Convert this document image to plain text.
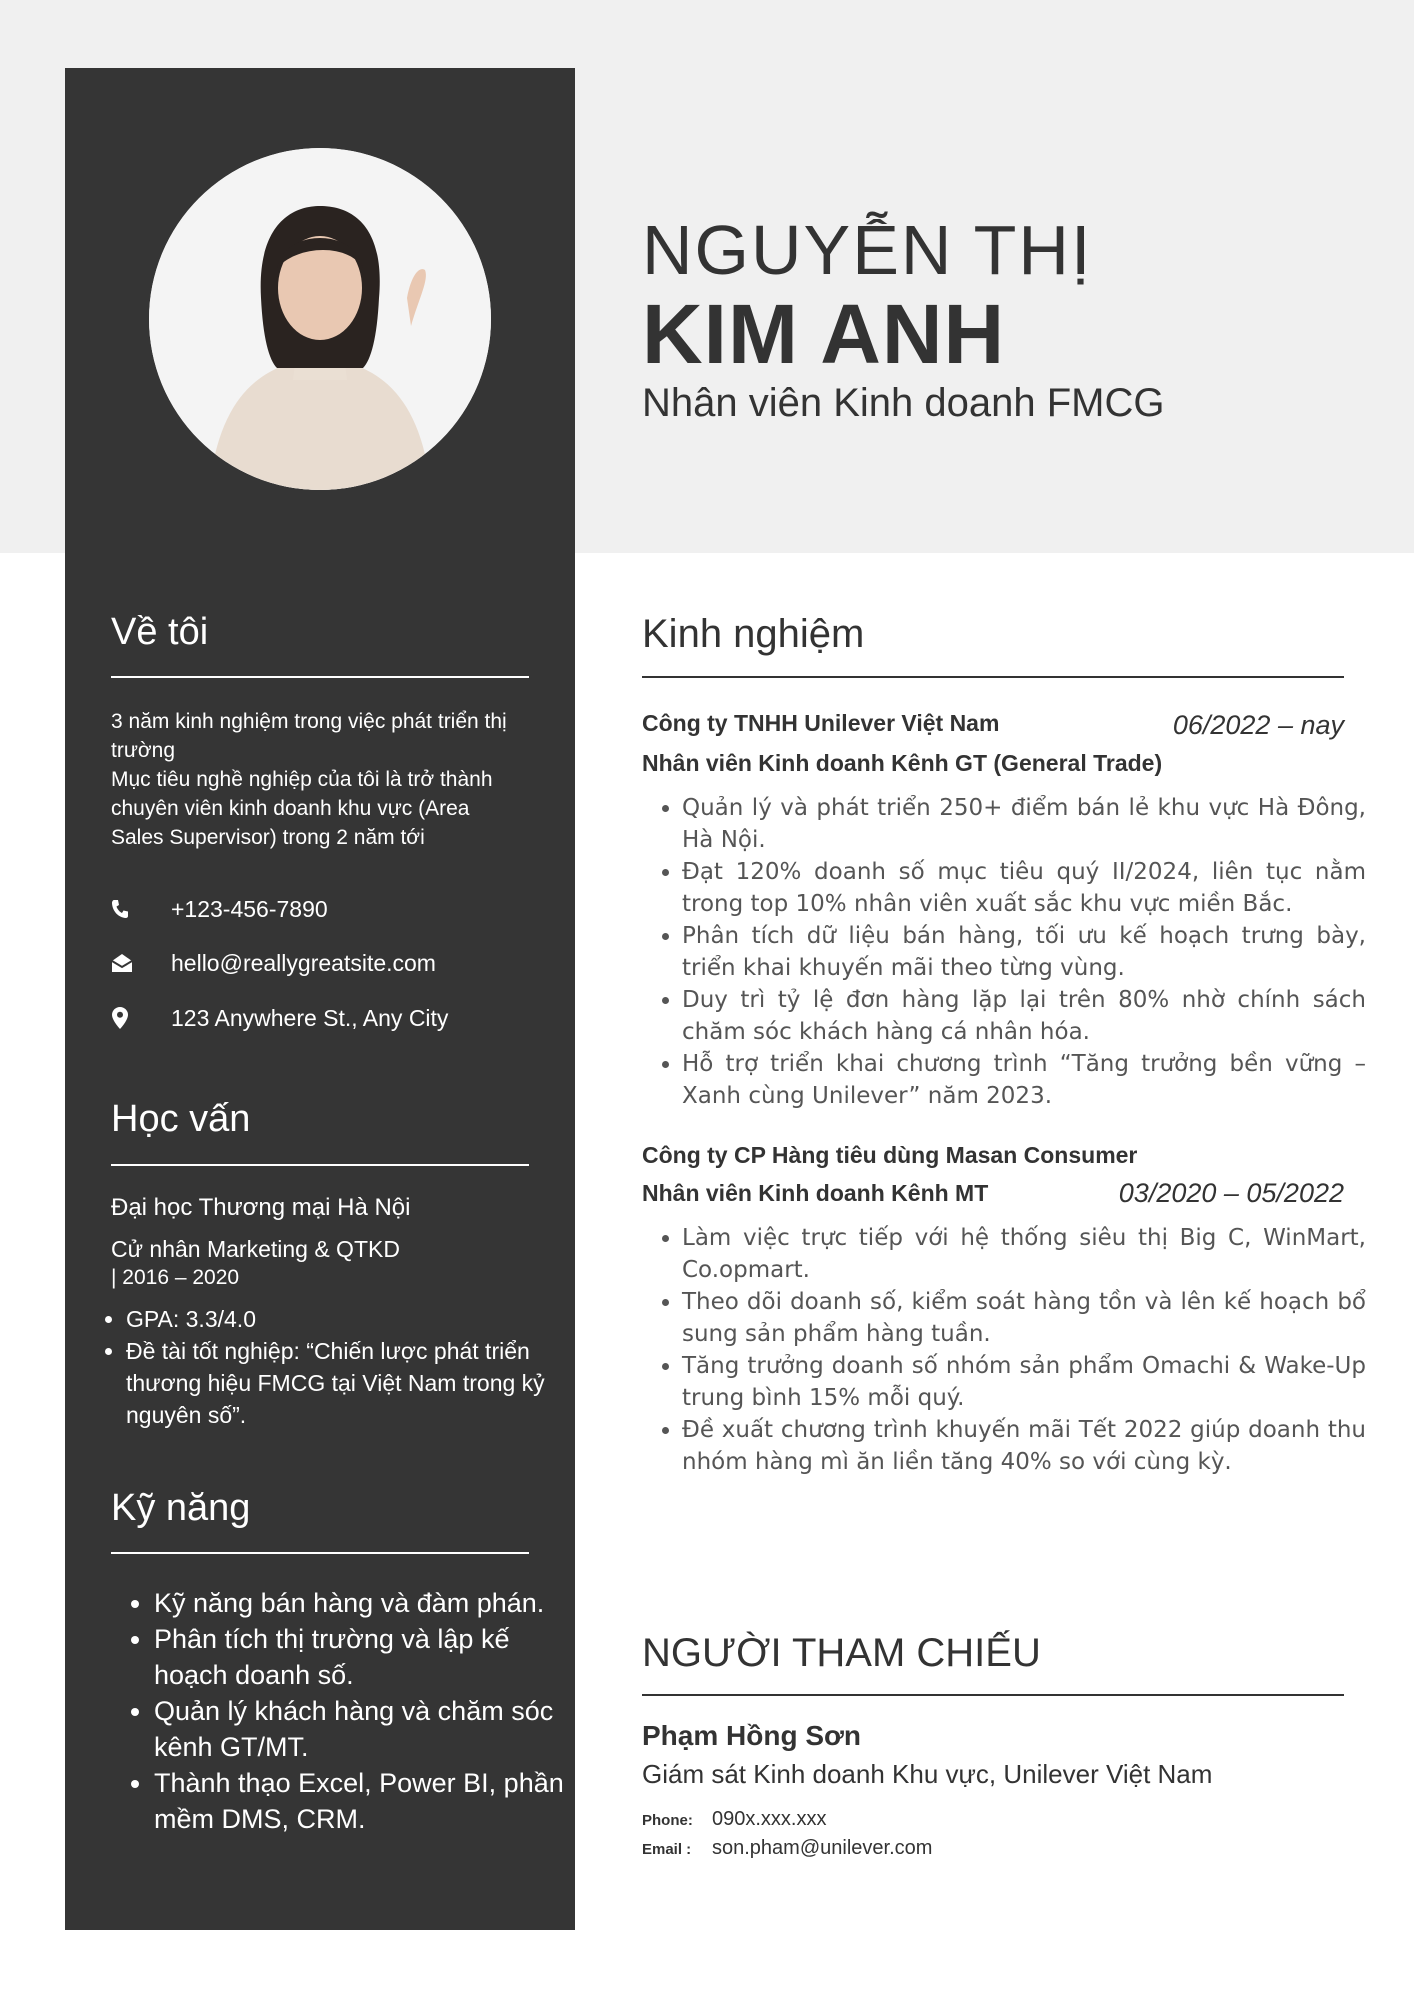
NGUYỄN THỊ
KIM ANH
Nhân viên Kinh doanh FMCG
Về tôi
3 năm kinh nghiệm trong việc phát triển thị trường
Mục tiêu nghề nghiệp của tôi là trở thành chuyên viên kinh doanh khu vực (Area Sales Supervisor) trong 2 năm tới
+123-456-7890
hello@reallygreatsite.com
123 Anywhere St., Any City
Học vấn
Đại học Thương mại Hà Nội
Cử nhân Marketing & QTKD
| 2016 – 2020
• GPA: 3.3/4.0
• Đề tài tốt nghiệp: “Chiến lược phát triển thương hiệu FMCG tại Việt Nam trong kỷ nguyên số”.
Kỹ năng
• Kỹ năng bán hàng và đàm phán.
• Phân tích thị trường và lập kế hoạch doanh số.
• Quản lý khách hàng và chăm sóc kênh GT/MT.
• Thành thạo Excel, Power BI, phần mềm DMS, CRM.
Kinh nghiệm
Công ty TNHH Unilever Việt Nam	06/2022 – nay
Nhân viên Kinh doanh Kênh GT (General Trade)
• Quản lý và phát triển 250+ điểm bán lẻ khu vực Hà Đông, Hà Nội.
• Đạt 120% doanh số mục tiêu quý II/2024, liên tục nằm trong top 10% nhân viên xuất sắc khu vực miền Bắc.
• Phân tích dữ liệu bán hàng, tối ưu kế hoạch trưng bày, triển khai khuyến mãi theo từng vùng.
• Duy trì tỷ lệ đơn hàng lặp lại trên 80% nhờ chính sách chăm sóc khách hàng cá nhân hóa.
• Hỗ trợ triển khai chương trình “Tăng trưởng bền vững – Xanh cùng Unilever” năm 2023.
Công ty CP Hàng tiêu dùng Masan Consumer
Nhân viên Kinh doanh Kênh MT	03/2020 – 05/2022
• Làm việc trực tiếp với hệ thống siêu thị Big C, WinMart, Co.opmart.
• Theo dõi doanh số, kiểm soát hàng tồn và lên kế hoạch bổ sung sản phẩm hàng tuần.
• Tăng trưởng doanh số nhóm sản phẩm Omachi & Wake-Up trung bình 15% mỗi quý.
• Đề xuất chương trình khuyến mãi Tết 2022 giúp doanh thu nhóm hàng mì ăn liền tăng 40% so với cùng kỳ.
NGƯỜI THAM CHIẾU
Phạm Hồng Sơn
Giám sát Kinh doanh Khu vực, Unilever Việt Nam
Phone: 090x.xxx.xxx
Email :	son.pham@unilever.com
